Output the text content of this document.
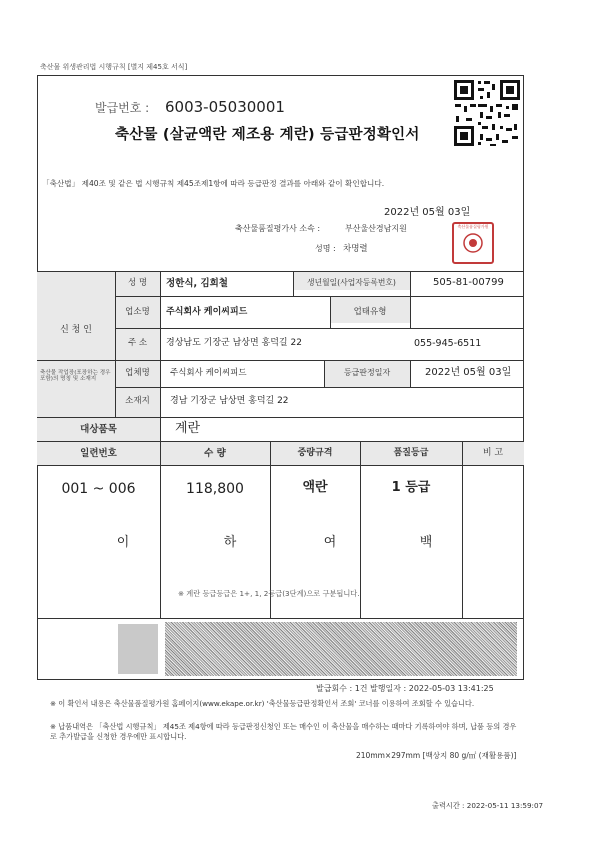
축산물 위생관리법 시행규칙 [별지 제45호 서식]
발급번호 : 6003-05030001
축산물 (살균액란 제조용 계란) 등급판정확인서
「축산법」 제40조 및 같은 법 시행규칙 제45조제1항에 따라 등급판정 결과를 아래와 같이 확인합니다.
2022년 05월 03일
축산물품질평가사 소속 :	부산울산경남지원
성명 : 차명렬
축산물품질평가원
신 청 인
성 명	정한식, 김희철	생년월일(사업자등록번호)	505-81-00799
업소명	주식회사 케이씨피드	업태유형
주 소	경상남도 기장군 남상면 홍덕길 22	055-945-6511
축산물 작업장(포장하는 경우 포함)의 명칭 및 소재지
업체명	주식회사 케이씨피드	등급판정일자	2022년 05월 03일
소재지	경남 기장군 남상면 홍덕길 22
대상품목	계란
일련번호	수 량	중량규격	품질등급	비 고
001 ~ 006	118,800	액란	1 등급
이	하	여	백
※ 계란 등급등급은 1+, 1, 2등급(3단계)으로 구분됩니다.
발급회수 : 1건 발행일자 : 2022-05-03 13:41:25
※ 이 확인서 내용은 축산물품질평가원 홈페이지(www.ekape.or.kr) '축산물등급판정확인서 조회' 코너를 이용하여 조회할 수 있습니다.
※ 납품내역은 「축산법 시행규칙」 제45조 제4항에 따라 등급판정신청인 또는 매수인 이 축산물을 매수하는 때마다 기록하여야 하며, 납품 등의 경우로 추가발급을 신청한 경우에만 표시합니다.
210mm×297mm [백상지 80 g/㎡ (재활용품)]
출력시간 : 2022-05-11 13:59:07
